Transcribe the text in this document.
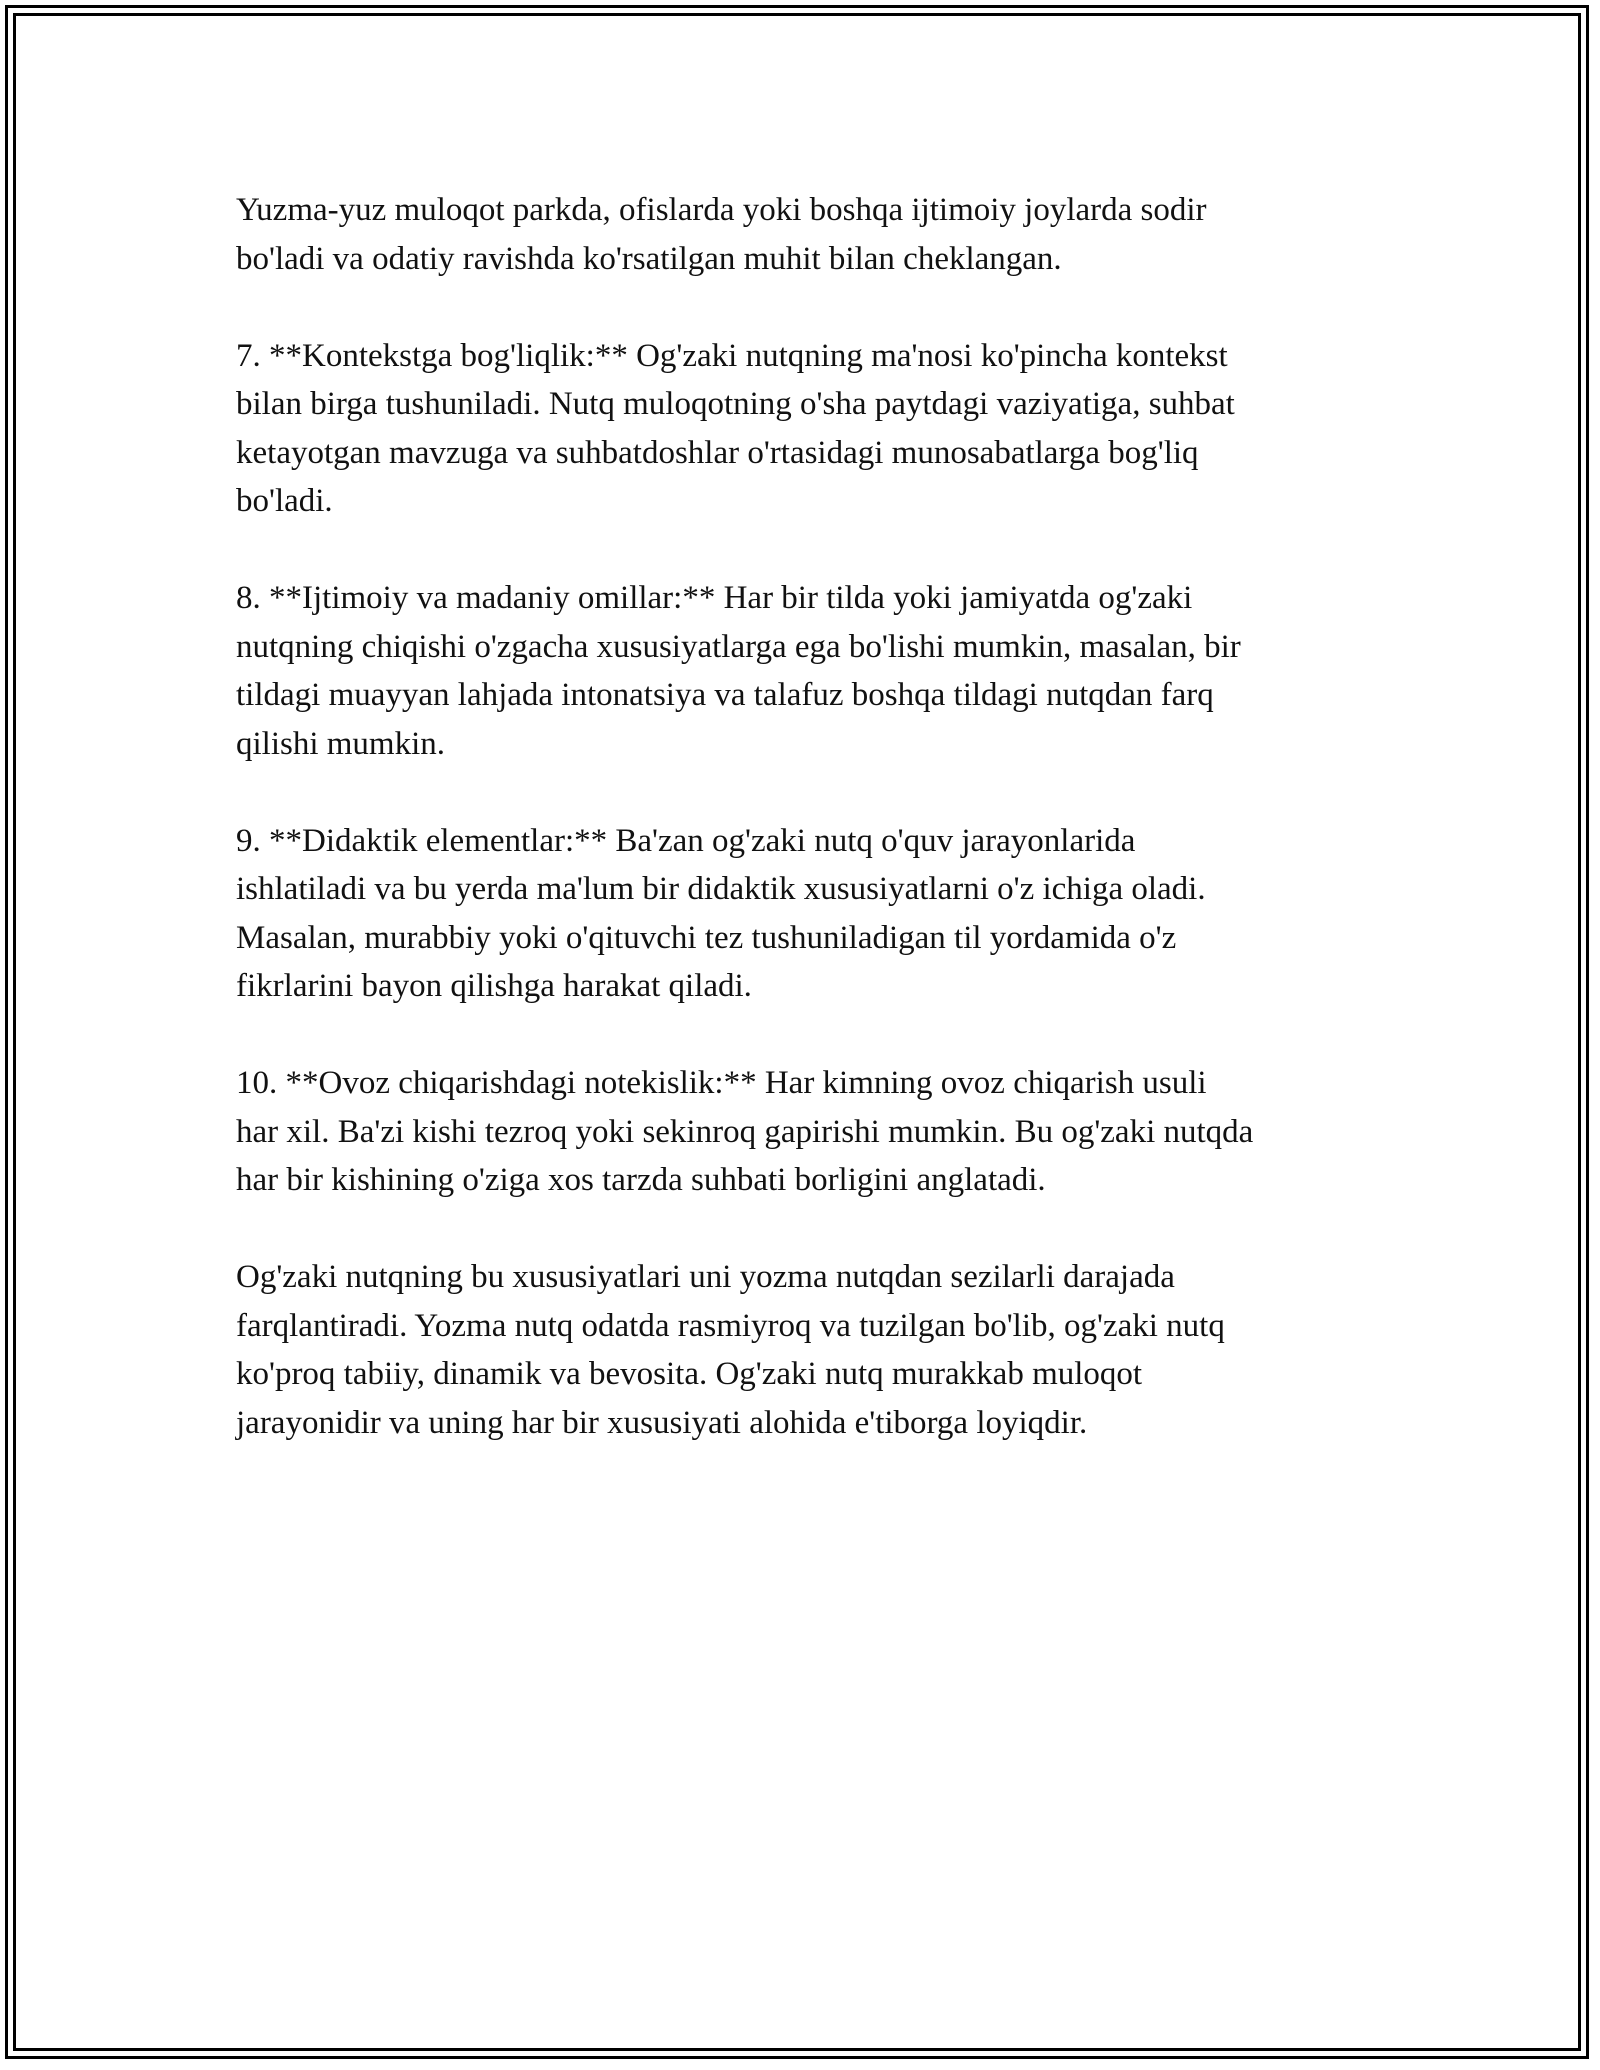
Yuzma-yuz muloqot parkda, ofislarda yoki boshqa ijtimoiy joylarda sodir
bo'ladi va odatiy ravishda ko'rsatilgan muhit bilan cheklangan.

7. **Kontekstga bog'liqlik:** Og'zaki nutqning ma'nosi ko'pincha kontekst
bilan birga tushuniladi. Nutq muloqotning o'sha paytdagi vaziyatiga, suhbat
ketayotgan mavzuga va suhbatdoshlar o'rtasidagi munosabatlarga bog'liq
bo'ladi.

8. **Ijtimoiy va madaniy omillar:** Har bir tilda yoki jamiyatda og'zaki
nutqning chiqishi o'zgacha xususiyatlarga ega bo'lishi mumkin, masalan, bir
tildagi muayyan lahjada intonatsiya va talafuz boshqa tildagi nutqdan farq
qilishi mumkin.

9. **Didaktik elementlar:** Ba'zan og'zaki nutq o'quv jarayonlarida
ishlatiladi va bu yerda ma'lum bir didaktik xususiyatlarni o'z ichiga oladi.
Masalan, murabbiy yoki o'qituvchi tez tushuniladigan til yordamida o'z
fikrlarini bayon qilishga harakat qiladi.

10. **Ovoz chiqarishdagi notekislik:** Har kimning ovoz chiqarish usuli
har xil. Ba'zi kishi tezroq yoki sekinroq gapirishi mumkin. Bu og'zaki nutqda
har bir kishining o'ziga xos tarzda suhbati borligini anglatadi.

Og'zaki nutqning bu xususiyatlari uni yozma nutqdan sezilarli darajada
farqlantiradi. Yozma nutq odatda rasmiyroq va tuzilgan bo'lib, og'zaki nutq
ko'proq tabiiy, dinamik va bevosita. Og'zaki nutq murakkab muloqot
jarayonidir va uning har bir xususiyati alohida e'tiborga loyiqdir.
